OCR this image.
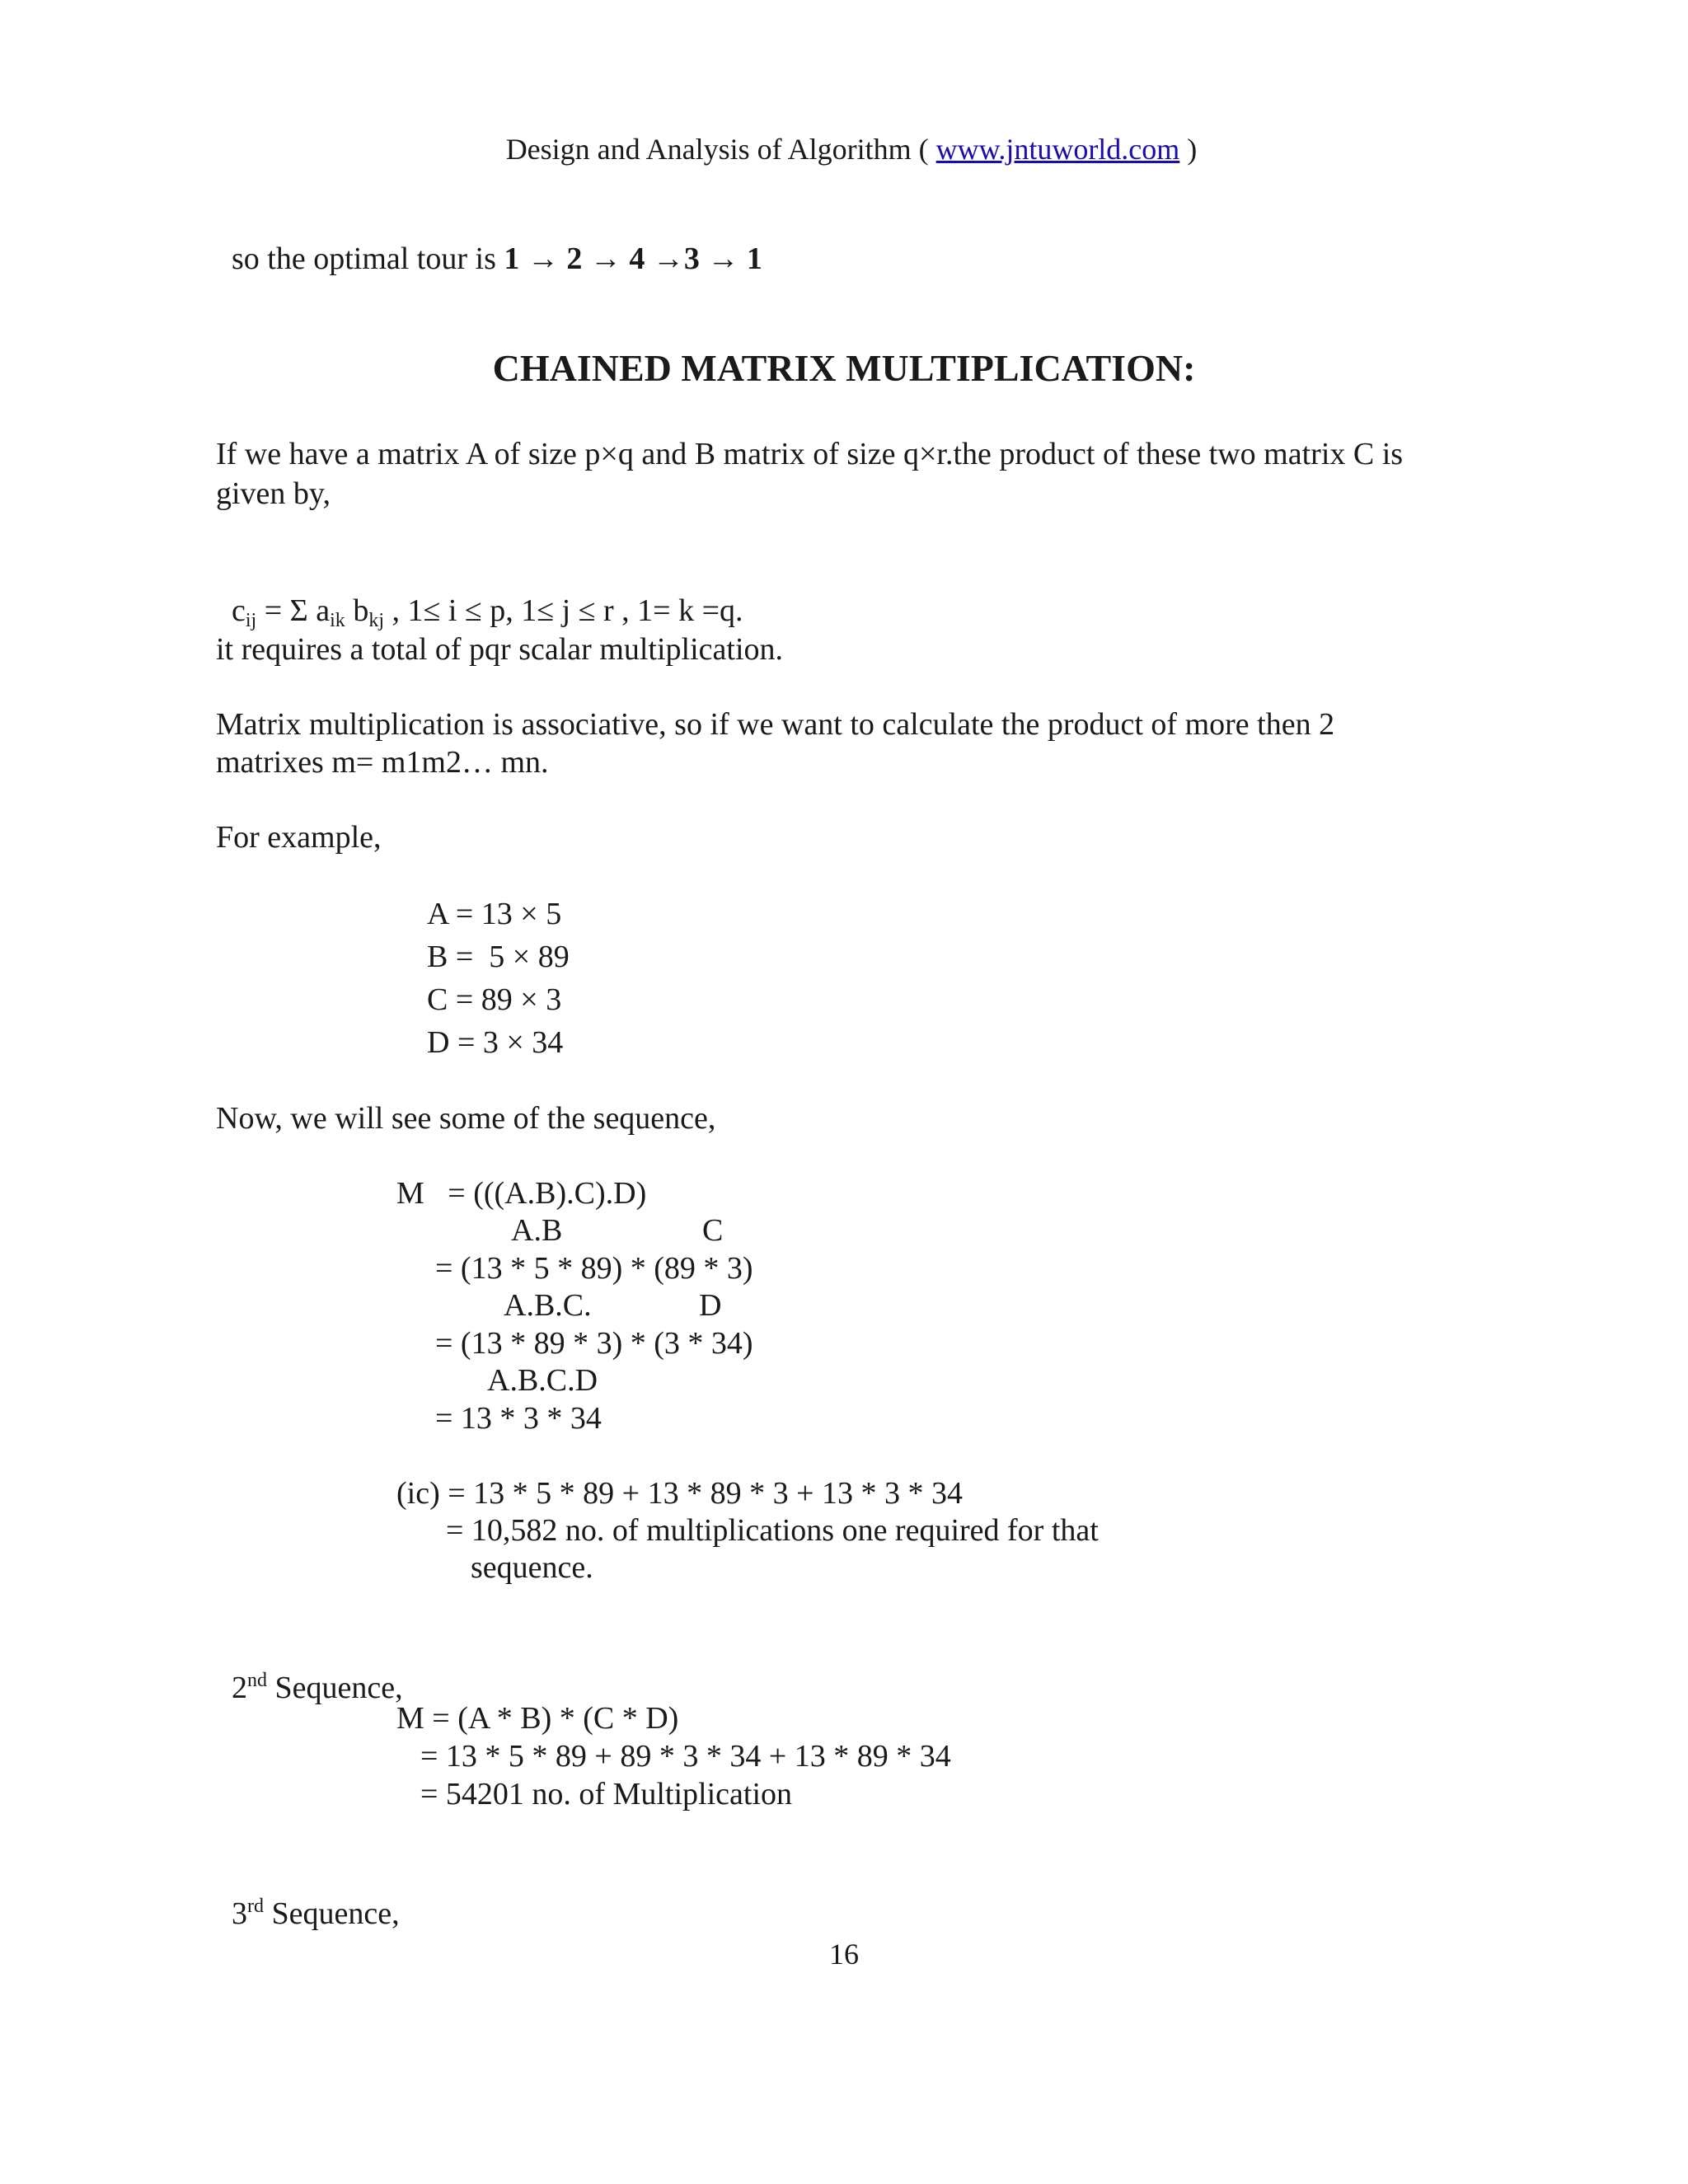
Design and Analysis of Algorithm ( www.jntuworld.com )

so the optimal tour is 1 → 2 → 4 →3 → 1

CHAINED MATRIX MULTIPLICATION:
If we have a matrix A of size p×q and B matrix of size q×r.the product of these two matrix C is
given by,

$c_{ij} = \Sigma$ $a_{ik}$ $b_{kj}$ , 1≤ i ≤ p, 1≤ j ≤ r , 1= k =q.

it requires a total of pqr scalar multiplication.
Matrix multiplication is associative, so if we want to calculate the product of more then 2
matrixes m= m1m2… mn.
For example,
A = 13 × 5
B =  5 × 89
C = 89 × 3
D = 3 × 34
Now, we will see some of the sequence,
M   = (((A.B).C).D)
A.B	C
= (13 * 5 * 89) * (89 * 3)
A.B.C.	D
= (13 * 89 * 3) * (3 * 34)
A.B.C.D
= 13 * 3 * 34
(ic) = 13 * 5 * 89 + 13 * 89 * 3 + 13 * 3 * 34
= 10,582 no. of multiplications one required for that
sequence.

2nd Sequence,

M = (A * B) * (C * D)
= 13 * 5 * 89 + 89 * 3 * 34 + 13 * 89 * 34
= 54201 no. of Multiplication

3rd Sequence,

16
